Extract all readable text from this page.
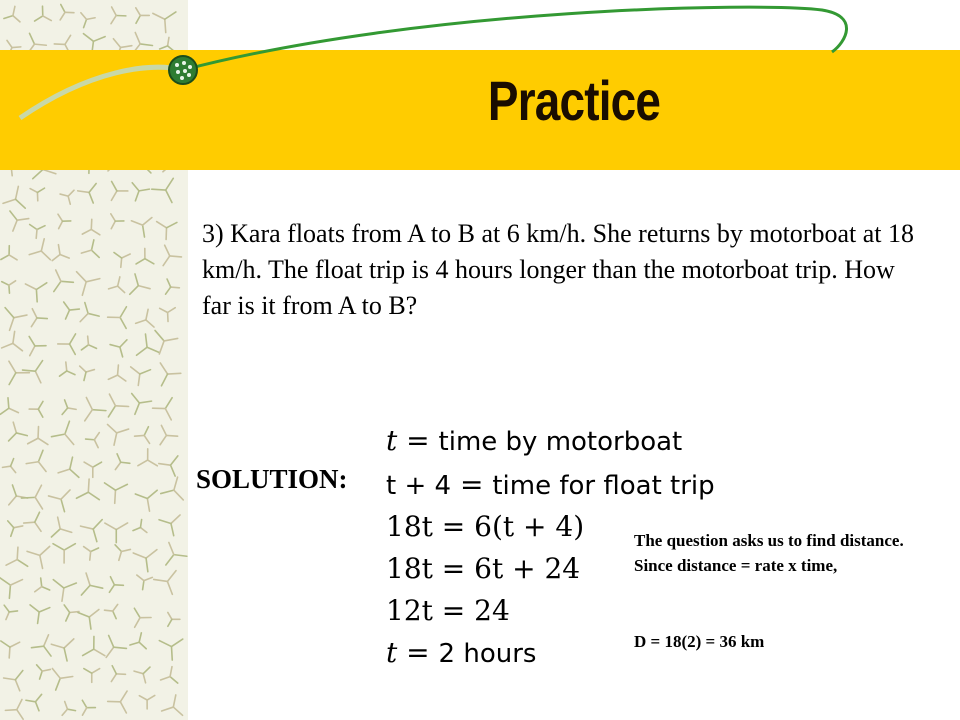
Practice
3) Kara floats from A to B at 6 km/h. She returns by motorboat at 18 km/h. The float trip is 4 hours longer than the motorboat trip. How far is it from A to B?
SOLUTION:
t = time by motorboat
t + 4 = time for float trip
18t = 6(t + 4)
18t = 6t + 24
12t = 24
t = 2 hours
The question asks us to find distance. Since distance = rate x time,
D = 18(2) = 36 km
